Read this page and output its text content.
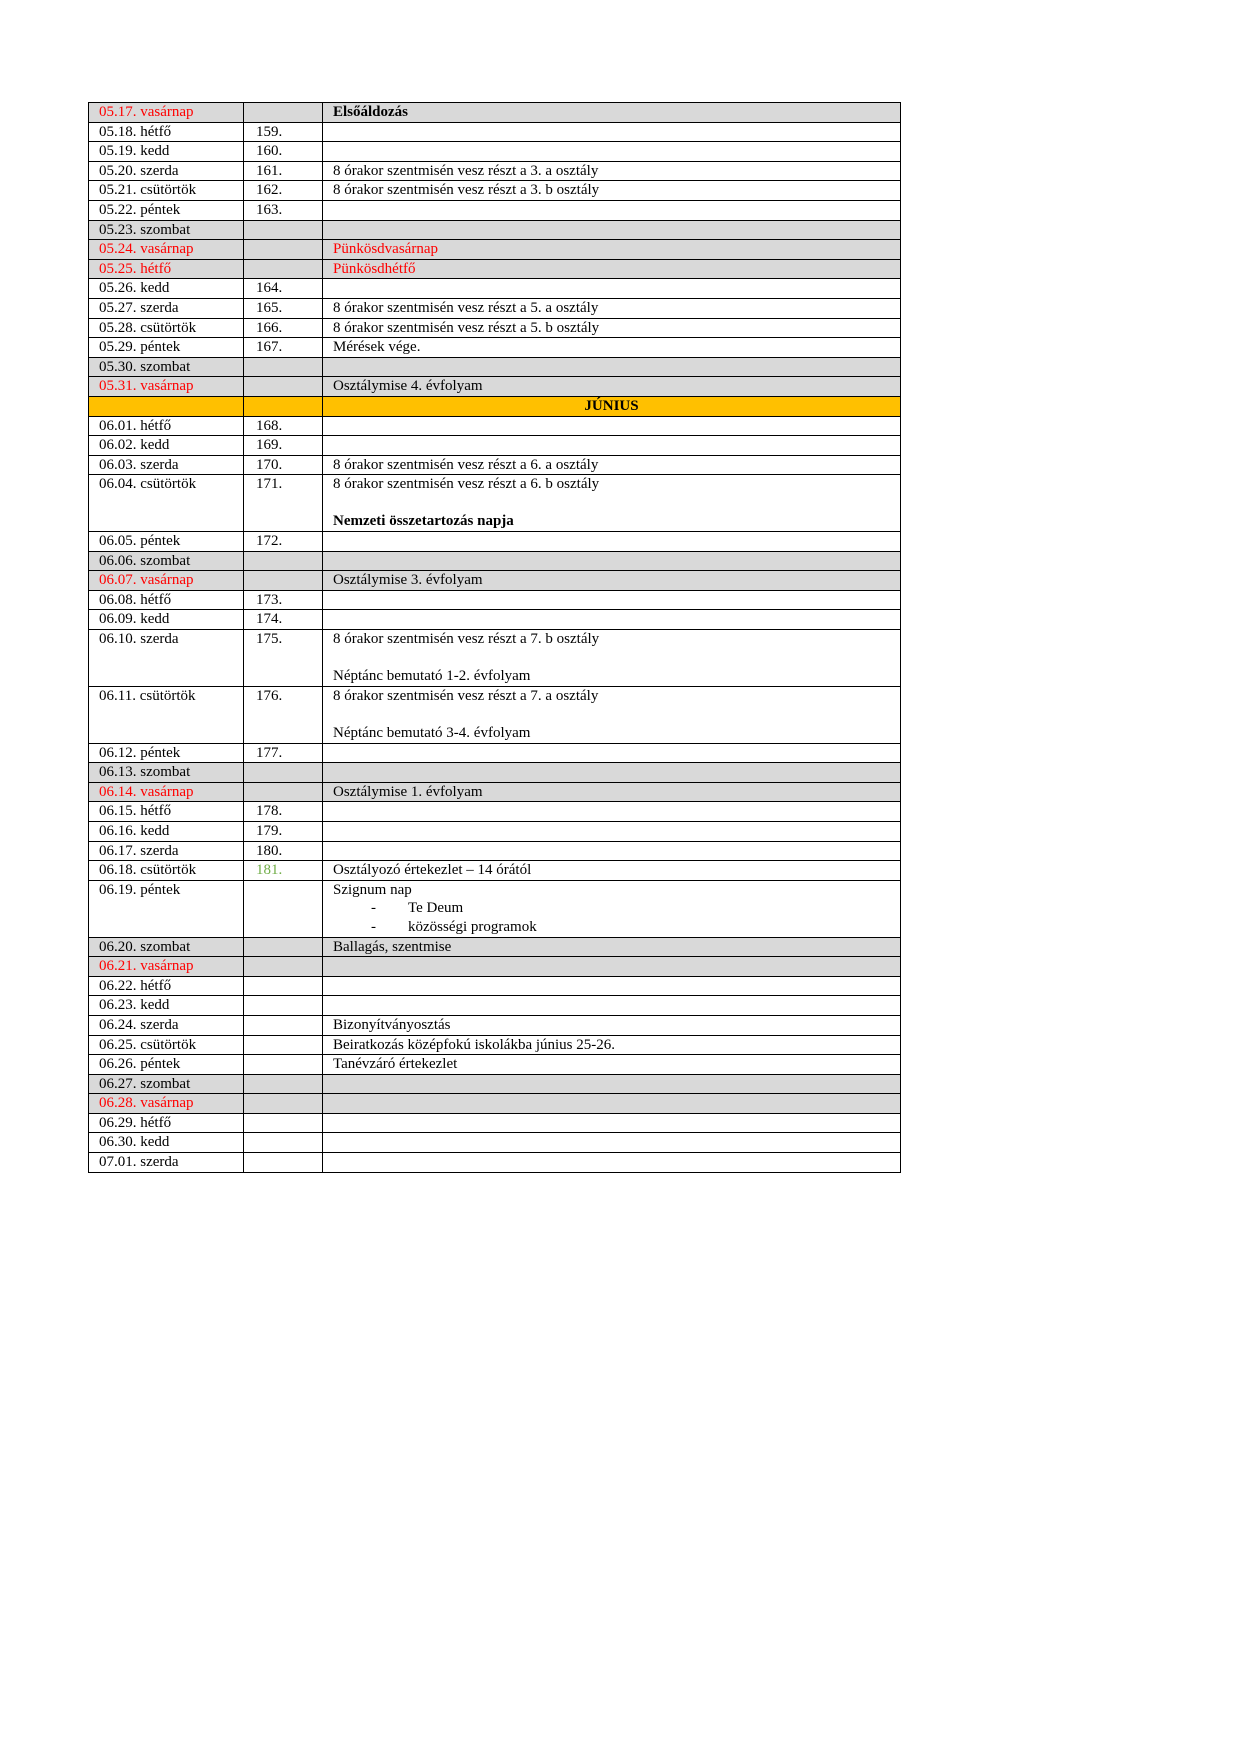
05.17. vasárnap		Elsőáldozás

05.18. hétfő	159.	
05.19. kedd	160.	
05.20. szerda	161.	8 órakor szentmisén vesz részt a 3. a osztály

05.21. csütörtök	162.	8 órakor szentmisén vesz részt a 3. b osztály

05.22. péntek	163.	
05.23. szombat		
05.24. vasárnap		Pünkösdvasárnap

05.25. hétfő		Pünkösdhétfő

05.26. kedd	164.	
05.27. szerda	165.	8 órakor szentmisén vesz részt a 5. a osztály

05.28. csütörtök	166.	8 órakor szentmisén vesz részt a 5. b osztály

05.29. péntek	167.	Mérések vége.

05.30. szombat		
05.31. vasárnap		Osztálymise 4. évfolyam

		JÚNIUS
06.01. hétfő	168.	
06.02. kedd	169.	
06.03. szerda	170.	8 órakor szentmisén vesz részt a 6. a osztály

06.04. csütörtök	171.	8 órakor szentmisén vesz részt a 6. b osztály
Nemzeti összetartozás napja

06.05. péntek	172.	
06.06. szombat		
06.07. vasárnap		Osztálymise 3. évfolyam

06.08. hétfő	173.	
06.09. kedd	174.	
06.10. szerda	175.	8 órakor szentmisén vesz részt a 7. b osztály
Néptánc bemutató 1-2. évfolyam

06.11. csütörtök	176.	8 órakor szentmisén vesz részt a 7. a osztály
Néptánc bemutató 3-4. évfolyam

06.12. péntek	177.	
06.13. szombat		
06.14. vasárnap		Osztálymise 1. évfolyam

06.15. hétfő	178.	
06.16. kedd	179.	
06.17. szerda	180.	
06.18. csütörtök	181.	Osztályozó értekezlet – 14 órától

06.19. péntek		Szignum nap
- Te Deum
- közösségi programok

06.20. szombat		Ballagás, szentmise

06.21. vasárnap		
06.22. hétfő		
06.23. kedd		
06.24. szerda		Bizonyítványosztás

06.25. csütörtök		Beiratkozás középfokú iskolákba június 25-26.

06.26. péntek		Tanévzáró értekezlet

06.27. szombat		
06.28. vasárnap		
06.29. hétfő		
06.30. kedd		
07.01. szerda		
